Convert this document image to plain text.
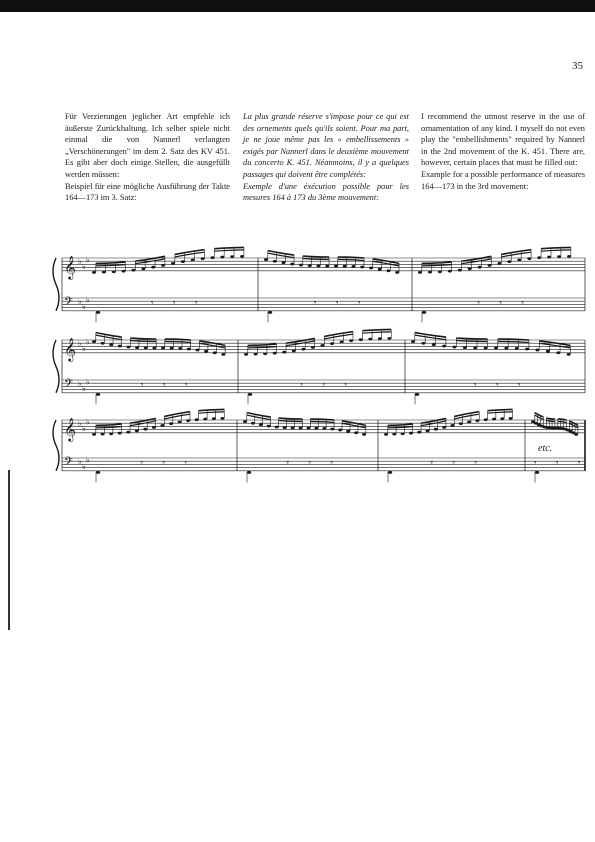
35

Für Verzierungen jeglicher Art empfehle ich äußerste Zurückhaltung. Ich selber spiele nicht einmal die von Nannerl verlangten „Verschönerungen" im dem 2. Satz des KV 451. Es gibt aber doch einige Stellen, die ausgefüllt werden müssen:

Beispiel für eine mögliche Ausführung der Takte 164—173 im 3. Satz:

La plus grande réserve s'impose pour ce qui est des ornements quels qu'ils soient. Pour ma part, je ne joue même pas les « embellissements » exigés par Nannerl dans le deuxième mouvement du concerto K. 451. Néanmoins, il y a quelques passages qui doivent être complétés:

Exemple d'une éxécution possible pour les mesures 164 à 173 du 3ème mouvement:

I recommend the utmost reserve in the use of ornamentation of any kind. I myself do not even play the "embellishments" required by Nannerl in the 2nd movement of the K. 451. There are, however, certain places that must be filled out:

Example for a possible performance of measures 164—173 in the 3rd movement:

𝄞 ♭
♭
♭
𝄢 ♭
♭
♭	𝄾 𝄾 𝄾	𝄾 𝄾 𝄾	𝄾 𝄾 𝄾
𝄞 ♭
♭
♭
𝄢 ♭
♭
♭	𝄾 𝄾 𝄾	𝄾 𝄾 𝄾	𝄾 𝄾 𝄾
𝄞 ♭
♭
♭
𝄢 ♭
♭
♭	𝄾 𝄾 𝄾	𝄾 𝄾 𝄾	𝄾 𝄾 𝄾	𝄾 𝄾 𝄾
etc.
